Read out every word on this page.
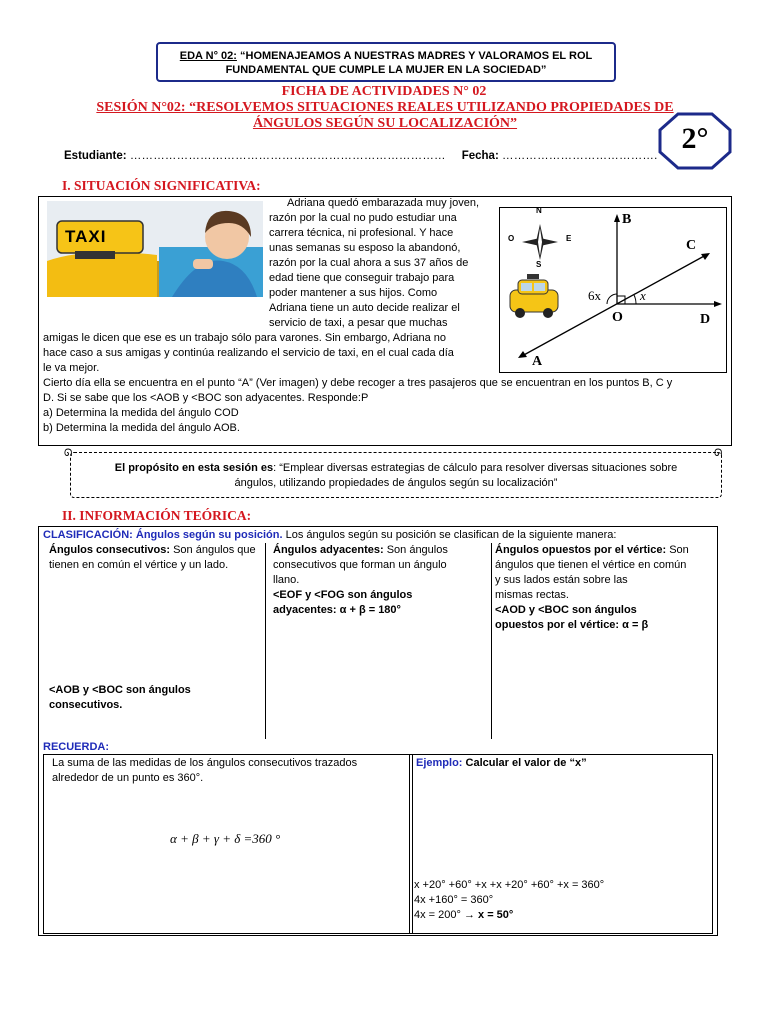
EDA N° 02: “HOMENAJEAMOS A NUESTRAS MADRES Y VALORAMOS EL ROL
FUNDAMENTAL QUE CUMPLE LA MUJER EN LA SOCIEDAD”
FICHA DE ACTIVIDADES N° 02
SESIÓN N°02: “RESOLVEMOS SITUACIONES REALES UTILIZANDO PROPIEDADES DE
ÁNGULOS SEGÚN SU LOCALIZACIÓN”	2°
Estudiante: ……………………………………………………………………… Fecha: ………………………………….
I. SITUACIÓN SIGNIFICATIVA:
TAXI
Adriana quedó embarazada muy joven,
razón por la cual no pudo estudiar una
carrera técnica, ni profesional. Y hace
unas semanas su esposo la abandonó,
razón por la cual ahora a sus 37 años de
edad tiene que conseguir trabajo para
poder mantener a sus hijos. Como
Adriana tiene un auto decide realizar el
servicio de taxi, a pesar que muchas
amigas le dicen que ese es un trabajo sólo para varones. Sin embargo, Adriana no
hace caso a sus amigas y continúa realizando el servicio de taxi, en el cual cada día
le va mejor.
Cierto día ella se encuentra en el punto “A” (Ver imagen) y debe recoger a tres pasajeros que se encuentran en los puntos B, C y
D. Si se sabe que los <AOB y <BOC son adyacentes. Responde:P
a) Determina la medida del ángulo COD
b) Determina la medida del ángulo AOB.
N
S
E
O
B
C
D
A
O
6x	x
El propósito en esta sesión es: “Emplear diversas estrategias de cálculo para resolver diversas situaciones sobre
ángulos, utilizando propiedades de ángulos según su localización”
ᘏ	ᘏ
II. INFORMACIÓN TEÓRICA:
CLASIFICACIÓN: Ángulos según su posición. Los ángulos según su posición se clasifican de la siguiente manera:
Ángulos consecutivos: Son ángulos que
tienen en común el vértice y un lado.
<AOB y <BOC son ángulos
consecutivos.
Ángulos adyacentes: Son ángulos
consecutivos que forman un ángulo
llano.
<EOF y <FOG son ángulos
adyacentes: α + β = 180°
Ángulos opuestos por el vértice: Son
ángulos que tienen el vértice en común
y sus lados están sobre las
mismas rectas.
<AOD y <BOC son ángulos
opuestos por el vértice: α = β
RECUERDA:
La suma de las medidas de los ángulos consecutivos trazados
alrededor de un punto es 360°.
α + β + γ + δ =360 °
Ejemplo: Calcular el valor de “x”
x +20° +60° +x +x +20° +60° +x = 360°
4x +160° = 360°
4x = 200° → x = 50°
